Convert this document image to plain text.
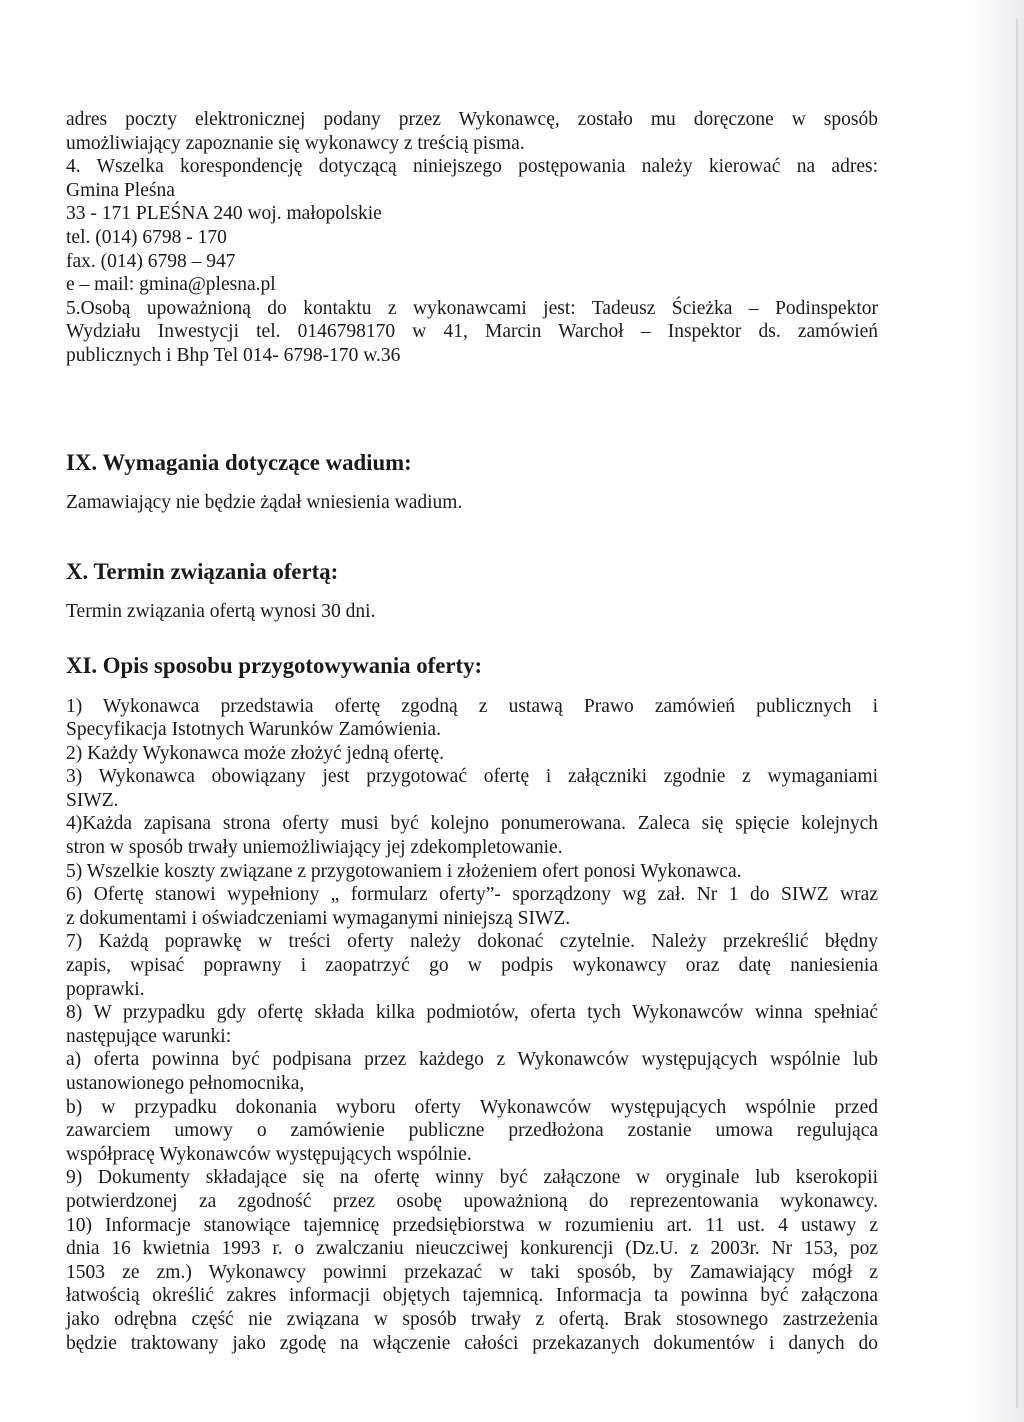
adres poczty elektronicznej podany przez Wykonawcę, zostało mu doręczone w sposób

umożliwiający zapoznanie się wykonawcy z treścią pisma.

4. Wszelka korespondencję dotyczącą niniejszego postępowania należy kierować na adres:

Gmina Pleśna

33 - 171 PLEŚNA 240 woj. małopolskie

tel. (014) 6798 - 170

fax. (014) 6798 – 947

e – mail: gmina@plesna.pl

5.Osobą upoważnioną do kontaktu z wykonawcami jest: Tadeusz Ścieżka – Podinspektor

Wydziału Inwestycji tel. 0146798170 w 41, Marcin Warchoł – Inspektor ds. zamówień

publicznych i Bhp Tel 014- 6798-170 w.36

IX. Wymagania dotyczące wadium:

Zamawiający nie będzie żądał wniesienia wadium.

X. Termin związania ofertą:

Termin związania ofertą wynosi 30 dni.

XI. Opis sposobu przygotowywania oferty:

1) Wykonawca przedstawia ofertę zgodną z ustawą Prawo zamówień publicznych i

Specyfikacja Istotnych Warunków Zamówienia.

2) Każdy Wykonawca może złożyć jedną ofertę.

3) Wykonawca obowiązany jest przygotować ofertę i załączniki zgodnie z wymaganiami

SIWZ.

4)Każda zapisana strona oferty musi być kolejno ponumerowana. Zaleca się spięcie kolejnych

stron w sposób trwały uniemożliwiający jej zdekompletowanie.

5) Wszelkie koszty związane z przygotowaniem i złożeniem ofert ponosi Wykonawca.

6) Ofertę stanowi wypełniony „ formularz oferty”- sporządzony wg zał. Nr 1 do SIWZ wraz

z dokumentami i oświadczeniami wymaganymi niniejszą SIWZ.

7) Każdą poprawkę w treści oferty należy dokonać czytelnie. Należy przekreślić błędny

zapis, wpisać poprawny i zaopatrzyć go w podpis wykonawcy oraz datę naniesienia

poprawki.

8) W przypadku gdy ofertę składa kilka podmiotów, oferta tych Wykonawców winna spełniać

następujące warunki:

a) oferta powinna być podpisana przez każdego z Wykonawców występujących wspólnie lub

ustanowionego pełnomocnika,

b) w przypadku dokonania wyboru oferty Wykonawców występujących wspólnie przed

zawarciem umowy o zamówienie publiczne przedłożona zostanie umowa regulująca

współpracę Wykonawców występujących wspólnie.

9) Dokumenty składające się na ofertę winny być załączone w oryginale lub kserokopii

potwierdzonej za zgodność przez osobę upoważnioną do reprezentowania wykonawcy.

10) Informacje stanowiące tajemnicę przedsiębiorstwa w rozumieniu art. 11 ust. 4 ustawy z

dnia 16 kwietnia 1993 r. o zwalczaniu nieuczciwej konkurencji (Dz.U. z 2003r. Nr 153, poz

1503 ze zm.) Wykonawcy powinni przekazać w taki sposób, by Zamawiający mógł z

łatwością określić zakres informacji objętych tajemnicą. Informacja ta powinna być załączona

jako odrębna część nie związana w sposób trwały z ofertą. Brak stosownego zastrzeżenia

będzie traktowany jako zgodę na włączenie całości przekazanych dokumentów i danych do
